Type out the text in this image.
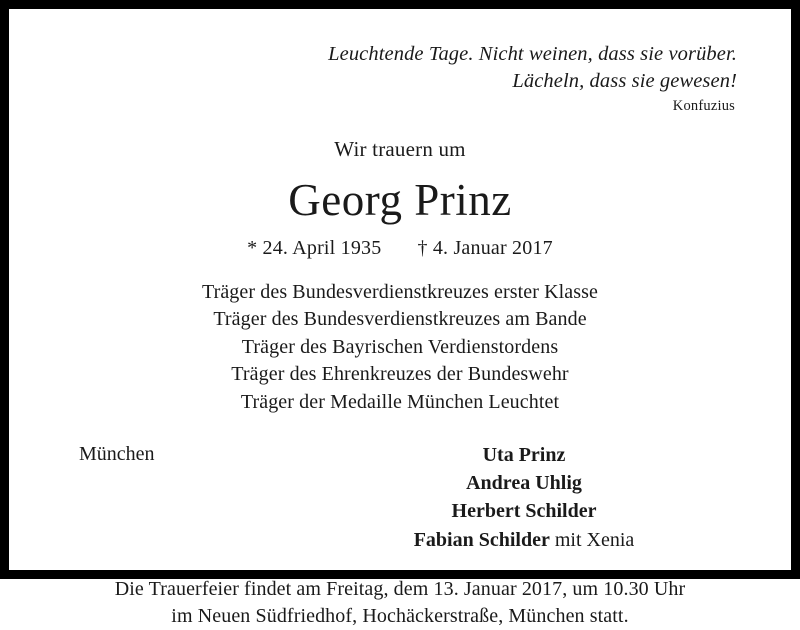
Leuchtende Tage. Nicht weinen, dass sie vorüber.
Lächeln, dass sie gewesen!
Konfuzius
Wir trauern um
Georg Prinz
* 24. April 1935 † 4. Januar 2017
Träger des Bundesverdienstkreuzes erster Klasse
Träger des Bundesverdienstkreuzes am Bande
Träger des Bayrischen Verdienstordens
Träger des Ehrenkreuzes der Bundeswehr
Träger der Medaille München Leuchtet
München	Uta Prinz
Andrea Uhlig
Herbert Schilder
Fabian Schilder mit Xenia
Die Trauerfeier findet am Freitag, dem 13. Januar 2017, um 10.30 Uhr
im Neuen Südfriedhof, Hochäckerstraße, München statt.
